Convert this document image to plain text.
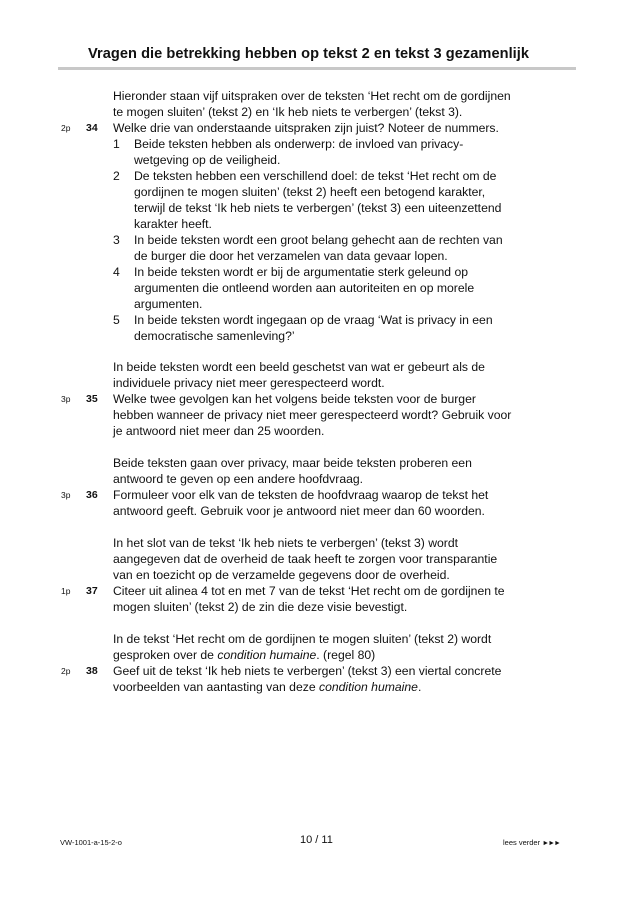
Vragen die betrekking hebben op tekst 2 en tekst 3 gezamenlijk
Hieronder staan vijf uitspraken over de teksten ‘Het recht om de gordijnen
te mogen sluiten’ (tekst 2) en ‘Ik heb niets te verbergen’ (tekst 3).
2p 34 Welke drie van onderstaande uitspraken zijn juist? Noteer de nummers.
1 Beide teksten hebben als onderwerp: de invloed van privacy-
wetgeving op de veiligheid.
2 De teksten hebben een verschillend doel: de tekst ‘Het recht om de
gordijnen te mogen sluiten’ (tekst 2) heeft een betogend karakter,
terwijl de tekst ‘Ik heb niets te verbergen’ (tekst 3) een uiteenzettend
karakter heeft.
3 In beide teksten wordt een groot belang gehecht aan de rechten van
de burger die door het verzamelen van data gevaar lopen.
4 In beide teksten wordt er bij de argumentatie sterk geleund op
argumenten die ontleend worden aan autoriteiten en op morele
argumenten.
5 In beide teksten wordt ingegaan op de vraag ‘Wat is privacy in een
democratische samenleving?’
In beide teksten wordt een beeld geschetst van wat er gebeurt als de
individuele privacy niet meer gerespecteerd wordt.
3p 35 Welke twee gevolgen kan het volgens beide teksten voor de burger
hebben wanneer de privacy niet meer gerespecteerd wordt? Gebruik voor
je antwoord niet meer dan 25 woorden.
Beide teksten gaan over privacy, maar beide teksten proberen een
antwoord te geven op een andere hoofdvraag.
3p 36 Formuleer voor elk van de teksten de hoofdvraag waarop de tekst het
antwoord geeft. Gebruik voor je antwoord niet meer dan 60 woorden.
In het slot van de tekst ‘Ik heb niets te verbergen’ (tekst 3) wordt
aangegeven dat de overheid de taak heeft te zorgen voor transparantie
van en toezicht op de verzamelde gegevens door de overheid.
1p 37 Citeer uit alinea 4 tot en met 7 van de tekst ‘Het recht om de gordijnen te
mogen sluiten’ (tekst 2) de zin die deze visie bevestigt.
In de tekst ‘Het recht om de gordijnen te mogen sluiten’ (tekst 2) wordt
gesproken over de condition humaine. (regel 80)
2p 38 Geef uit de tekst ‘Ik heb niets te verbergen’ (tekst 3) een viertal concrete
voorbeelden van aantasting van deze condition humaine.
VW-1001-a-15-2-o	10 / 11	lees verder ►►►
